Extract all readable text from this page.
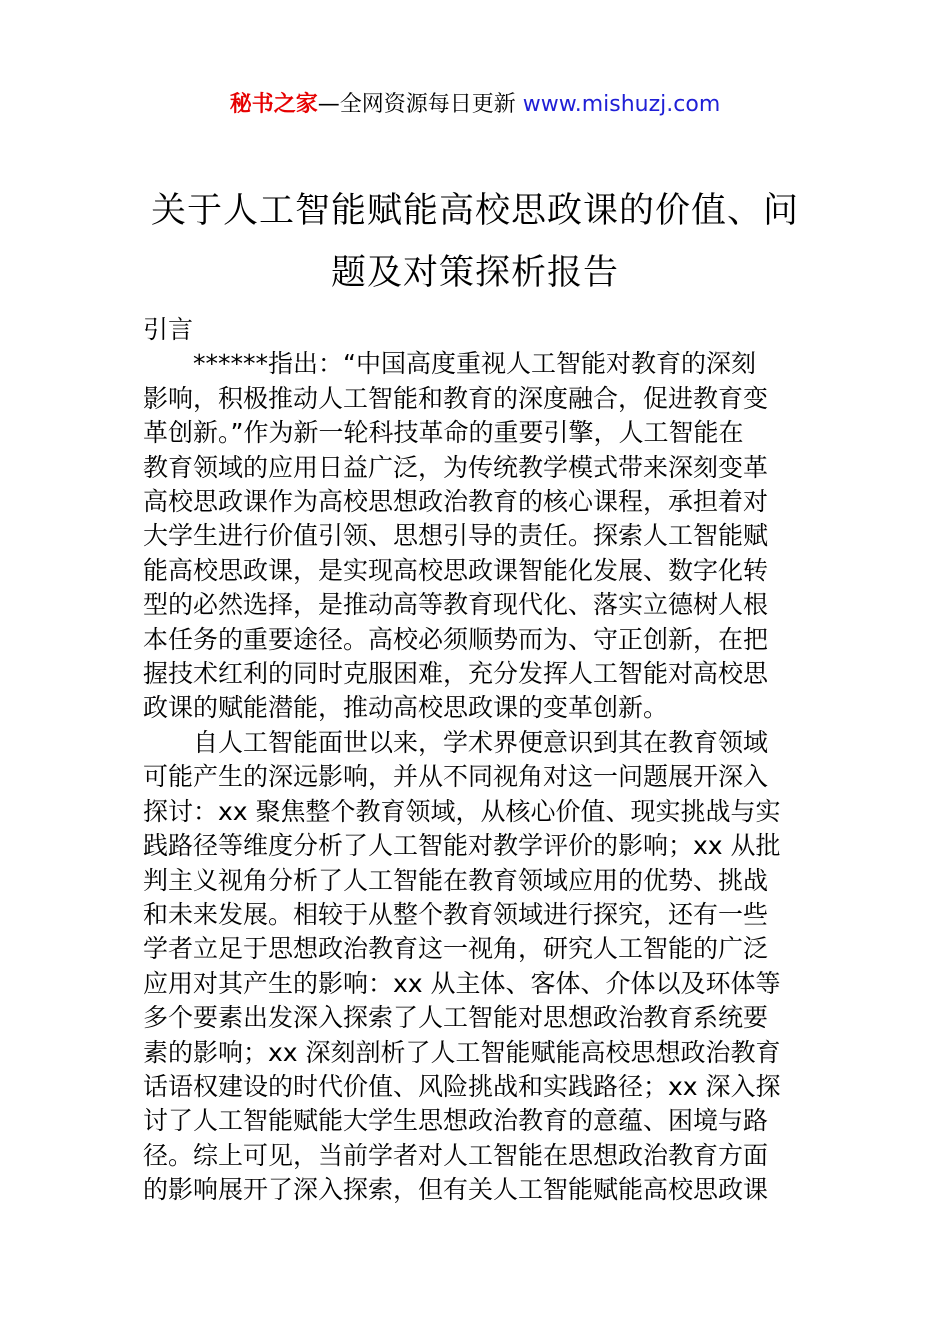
秘书之家—全网资源每日更新 www.mishuzj.com
关于人工智能赋能高校思政课的价值、问
题及对策探析报告
引言
******指出：“中国高度重视人工智能对教育的深刻
影响，积极推动人工智能和教育的深度融合，促进教育变
革创新。”作为新一轮科技革命的重要引擎，人工智能在
教育领域的应用日益广泛，为传统教学模式带来深刻变革
高校思政课作为高校思想政治教育的核心课程，承担着对
大学生进行价值引领、思想引导的责任。探索人工智能赋
能高校思政课，是实现高校思政课智能化发展、数字化转
型的必然选择，是推动高等教育现代化、落实立德树人根
本任务的重要途径。高校必须顺势而为、守正创新，在把
握技术红利的同时克服困难，充分发挥人工智能对高校思
政课的赋能潜能，推动高校思政课的变革创新。
自人工智能面世以来，学术界便意识到其在教育领域
可能产生的深远影响，并从不同视角对这一问题展开深入
探讨：xx 聚焦整个教育领域，从核心价值、现实挑战与实
践路径等维度分析了人工智能对教学评价的影响；xx 从批
判主义视角分析了人工智能在教育领域应用的优势、挑战
和未来发展。相较于从整个教育领域进行探究，还有一些
学者立足于思想政治教育这一视角，研究人工智能的广泛
应用对其产生的影响：xx 从主体、客体、介体以及环体等
多个要素出发深入探索了人工智能对思想政治教育系统要
素的影响；xx 深刻剖析了人工智能赋能高校思想政治教育
话语权建设的时代价值、风险挑战和实践路径；xx 深入探
讨了人工智能赋能大学生思想政治教育的意蕴、困境与路
径。综上可见，当前学者对人工智能在思想政治教育方面
的影响展开了深入探索，但有关人工智能赋能高校思政课
